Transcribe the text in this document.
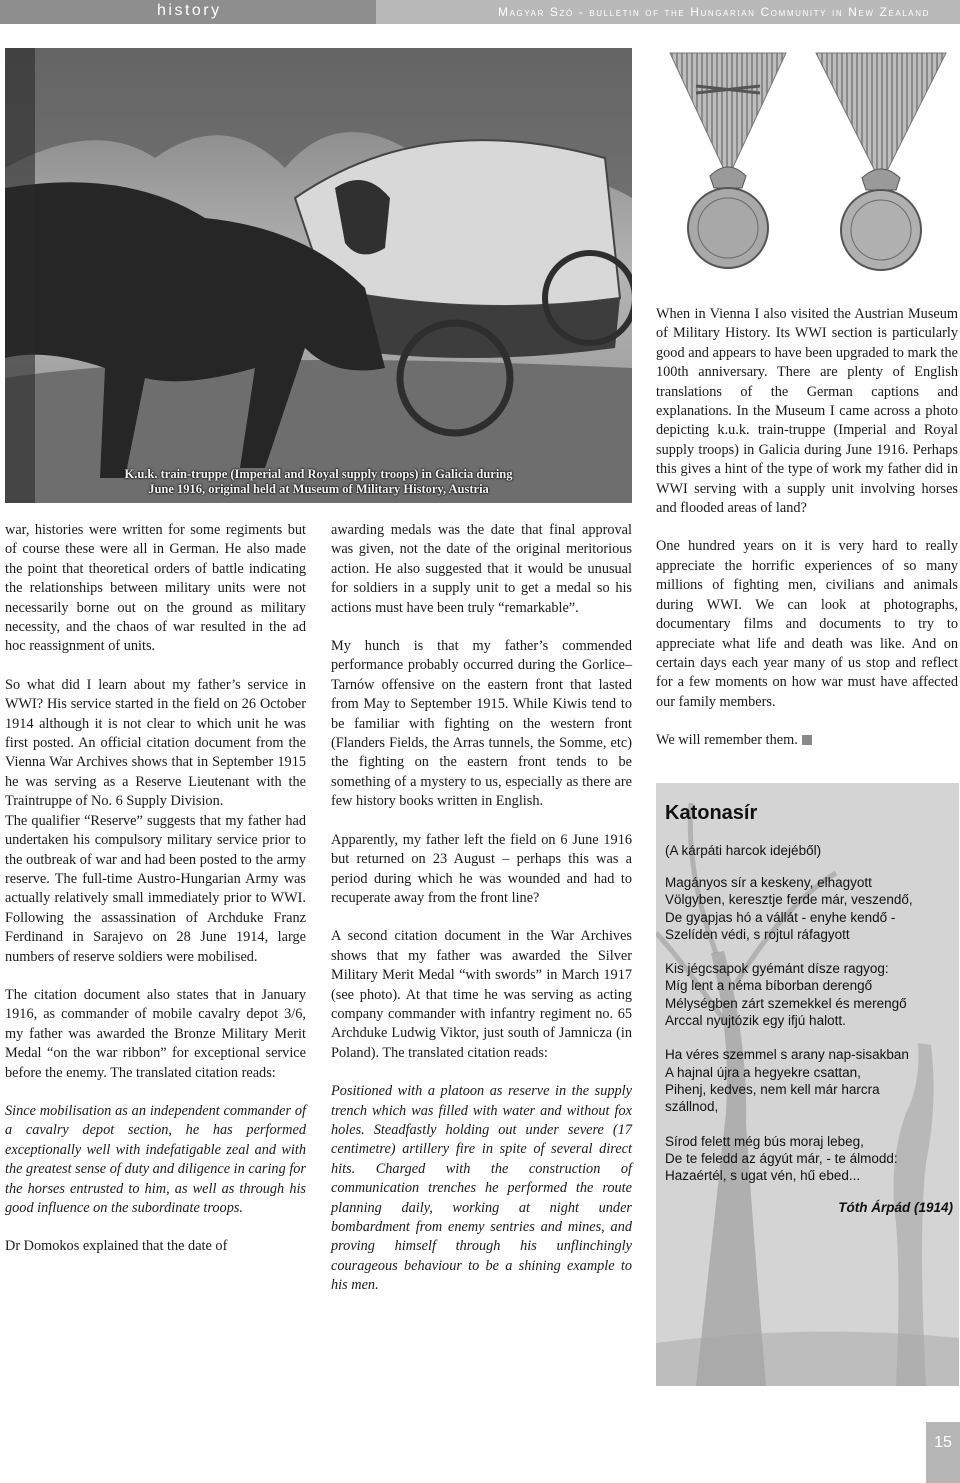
history	Magyar Szó - bulletin of the Hungarian Community in New Zealand
K.u.k. train-truppe (Imperial and Royal supply troops) in Galicia during
June 1916, original held at Museum of Military History, Austria

war, histories were written for some regiments but of course these were all in German. He also made the point that theoretical orders of battle indicating the relationships between military units were not necessarily borne out on the ground as military necessity, and the chaos of war resulted in the ad hoc reassignment of units.

So what did I learn about my father’s service in WWI? His service started in the field on 26 October 1914 although it is not clear to which unit he was first posted. An official citation document from the Vienna War Archives shows that in September 1915 he was serving as a Reserve Lieutenant with the Traintruppe of No. 6 Supply Division.

The qualifier “Reserve” suggests that my father had undertaken his compulsory military service prior to the outbreak of war and had been posted to the army reserve. The full-time Austro-Hungarian Army was actually relatively small immediately prior to WWI. Following the assassination of Archduke Franz Ferdinand in Sarajevo on 28 June 1914, large numbers of reserve soldiers were mobilised.

The citation document also states that in January 1916, as commander of mobile cavalry depot 3/6, my father was awarded the Bronze Military Merit Medal “on the war ribbon” for exceptional service before the enemy. The translated citation reads:

Since mobilisation as an independent commander of a cavalry depot section, he has performed exceptionally well with indefatigable zeal and with the greatest sense of duty and diligence in caring for the horses entrusted to him, as well as through his good influence on the subordinate troops.

Dr Domokos explained that the date of

awarding medals was the date that final approval was given, not the date of the original meritorious action. He also suggested that it would be unusual for soldiers in a supply unit to get a medal so his actions must have been truly “remarkable”.

My hunch is that my father’s commended performance probably occurred during the Gorlice–Tarnów offensive on the eastern front that lasted from May to September 1915. While Kiwis tend to be familiar with fighting on the western front (Flanders Fields, the Arras tunnels, the Somme, etc) the fighting on the eastern front tends to be something of a mystery to us, especially as there are few history books written in English.

Apparently, my father left the field on 6 June 1916 but returned on 23 August – perhaps this was a period during which he was wounded and had to recuperate away from the front line?

A second citation document in the War Archives shows that my father was awarded the Silver Military Merit Medal “with swords” in March 1917 (see photo). At that time he was serving as acting company commander with infantry regiment no. 65 Archduke Ludwig Viktor, just south of Jamnicza (in Poland). The translated citation reads:

Positioned with a platoon as reserve in the supply trench which was filled with water and without fox holes. Steadfastly holding out under severe (17 centimetre) artillery fire in spite of several direct hits. Charged with the construction of communication trenches he performed the route planning daily, working at night under bombardment from enemy sentries and mines, and proving himself through his unflinchingly courageous behaviour to be a shining example to his men.

When in Vienna I also visited the Austrian Museum of Military History. Its WWI section is particularly good and appears to have been upgraded to mark the 100th anniversary. There are plenty of English translations of the German captions and explanations. In the Museum I came across a photo depicting k.u.k. train-truppe (Imperial and Royal supply troops) in Galicia during June 1916. Perhaps this gives a hint of the type of work my father did in WWI serving with a supply unit involving horses and flooded areas of land?

One hundred years on it is very hard to really appreciate the horrific experiences of so many millions of fighting men, civilians and animals during WWI. We can look at photographs, documentary films and documents to try to appreciate what life and death was like. And on certain days each year many of us stop and reflect for a few moments on how war must have affected our family members.

We will remember them.

Katonasír
(A kárpáti harcok idejéből)
Magányos sír a keskeny, elhagyott
Völgyben, keresztje ferde már, veszendő,
De gyapjas hó a vállát - enyhe kendő -
Szelíden védi, s rojtul ráfagyott
Kis jégcsapok gyémánt dísze ragyog:
Míg lent a néma bíborban derengő
Mélységben zárt szemekkel és merengő
Arccal nyujtózik egy ifjú halott.
Ha véres szemmel s arany nap-sisakban
A hajnal újra a hegyekre csattan,
Pihenj, kedves, nem kell már harcra
szállnod,
Sírod felett még bús moraj lebeg,
De te feledd az ágyút már, - te álmodd:
Hazaértél, s ugat vén, hű ebed...
Tóth Árpád (1914)
15
